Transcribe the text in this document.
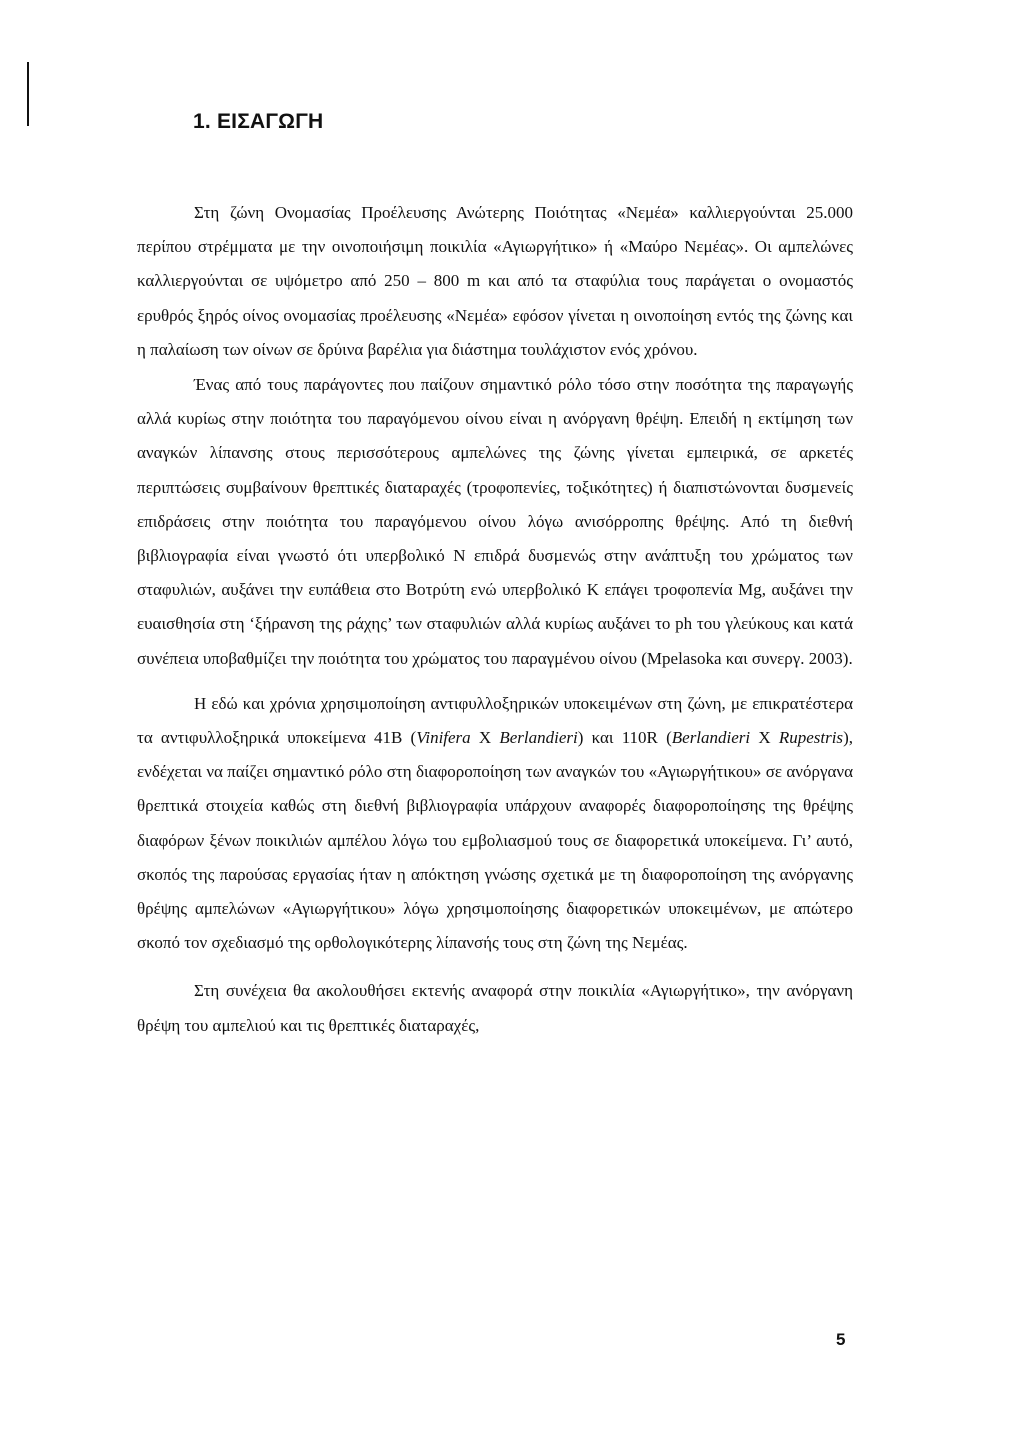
1. ΕΙΣΑΓΩΓΗ

Στη ζώνη Ονομασίας Προέλευσης Ανώτερης Ποιότητας «Νεμέα» καλλιεργούνται 25.000 περίπου στρέμματα με την οινοποιήσιμη ποικιλία «Αγιωργήτικο» ή «Μαύρο Νεμέας». Οι αμπελώνες καλλιεργούνται σε υψόμετρο από 250 – 800 m και από τα σταφύλια τους παράγεται ο ονομαστός ερυθρός ξηρός οίνος ονομασίας προέλευσης «Νεμέα» εφόσον γίνεται η οινοποίηση εντός της ζώνης και η παλαίωση των οίνων σε δρύινα βαρέλια για διάστημα τουλάχιστον ενός χρόνου.

Ένας από τους παράγοντες που παίζουν σημαντικό ρόλο τόσο στην ποσότητα της παραγωγής αλλά κυρίως στην ποιότητα του παραγόμενου οίνου είναι η ανόργανη θρέψη. Επειδή η εκτίμηση των αναγκών λίπανσης στους περισσότερους αμπελώνες της ζώνης γίνεται εμπειρικά, σε αρκετές περιπτώσεις συμβαίνουν θρεπτικές διαταραχές (τροφοπενίες, τοξικότητες) ή διαπιστώνονται δυσμενείς επιδράσεις στην ποιότητα του παραγόμενου οίνου λόγω ανισόρροπης θρέψης. Από τη διεθνή βιβλιογραφία είναι γνωστό ότι υπερβολικό Ν επιδρά δυσμενώς στην ανάπτυξη του χρώματος των σταφυλιών, αυξάνει την ευπάθεια στο Βοτρύτη ενώ υπερβολικό Κ επάγει τροφοπενία Mg, αυξάνει την ευαισθησία στη ‘ξήρανση της ράχης’ των σταφυλιών αλλά κυρίως αυξάνει το ph του γλεύκους και κατά συνέπεια υποβαθμίζει την ποιότητα του χρώματος του παραγμένου οίνου (Mpelasoka και συνεργ. 2003).

Η εδώ και χρόνια χρησιμοποίηση αντιφυλλοξηρικών υποκειμένων στη ζώνη, με επικρατέστερα τα αντιφυλλοξηρικά υποκείμενα 41Β (Vinifera Χ Berlandieri) και 110R (Berlandieri Χ Rupestris), ενδέχεται να παίζει σημαντικό ρόλο στη διαφοροποίηση των αναγκών του «Αγιωργήτικου» σε ανόργανα θρεπτικά στοιχεία καθώς στη διεθνή βιβλιογραφία υπάρχουν αναφορές διαφοροποίησης της θρέψης διαφόρων ξένων ποικιλιών αμπέλου λόγω του εμβολιασμού τους σε διαφορετικά υποκείμενα. Γι’ αυτό, σκοπός της παρούσας εργασίας ήταν η απόκτηση γνώσης σχετικά με τη διαφοροποίηση της ανόργανης θρέψης αμπελώνων «Αγιωργήτικου» λόγω χρησιμοποίησης διαφορετικών υποκειμένων, με απώτερο σκοπό τον σχεδιασμό της ορθολογικότερης λίπανσής τους στη ζώνη της Νεμέας.

Στη συνέχεια θα ακολουθήσει εκτενής αναφορά στην ποικιλία «Αγιωργήτικο», την ανόργανη θρέψη του αμπελιού και τις θρεπτικές διαταραχές,

5
